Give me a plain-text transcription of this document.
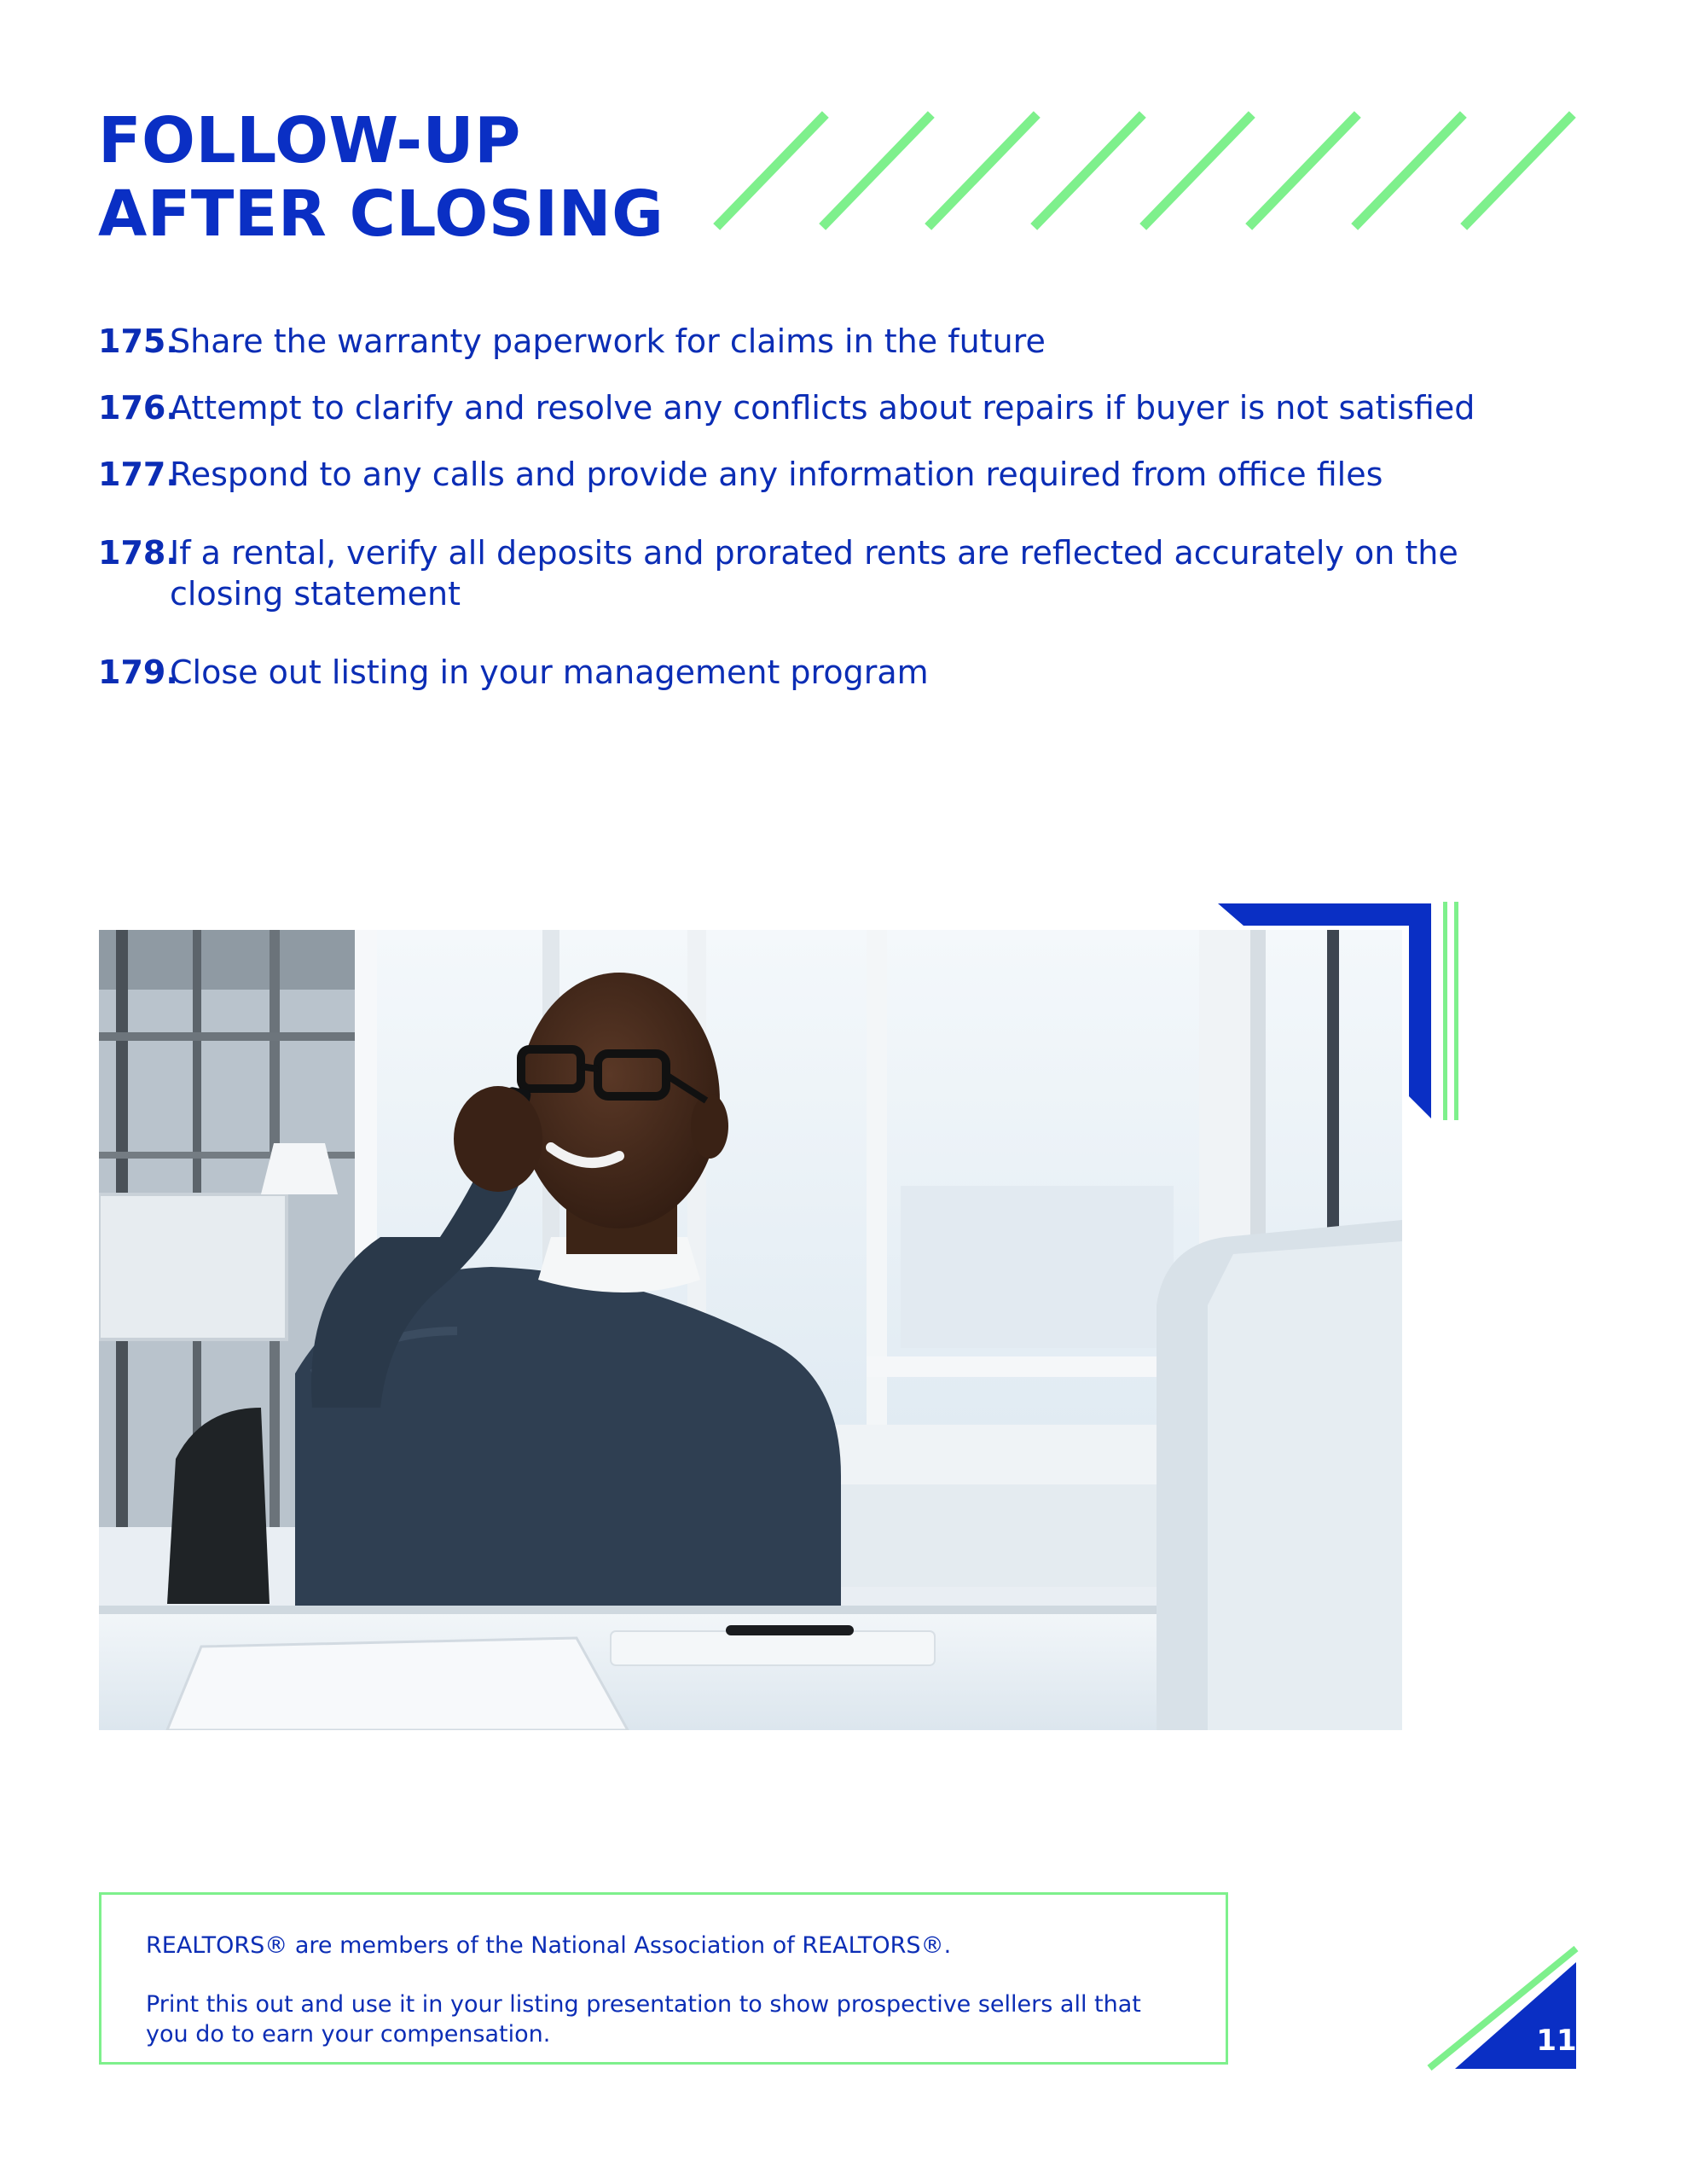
FOLLOW-UP
AFTER CLOSING
175.Share the warranty paperwork for claims in the future
176.Attempt to clarify and resolve any conflicts about repairs if buyer is not satisfied
177.Respond to any calls and provide any information required from office files
178.If a rental, verify all deposits and prorated rents are reflected accurately on the closing statement
179.Close out listing in your management program

REALTORS® are members of the National Association of REALTORS®.

Print this out and use it in your listing presentation to show prospective sellers all that you do to earn your compensation.	11
